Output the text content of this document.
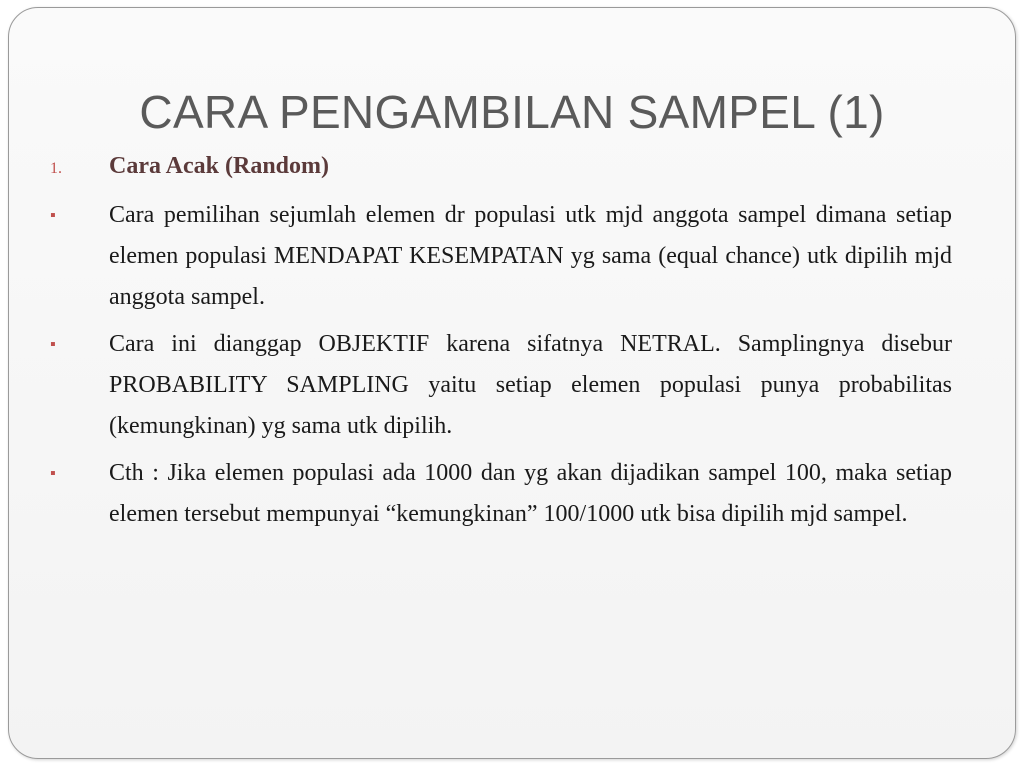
CARA PENGAMBILAN SAMPEL (1)
1.	Cara Acak (Random)
▪	Cara pemilihan sejumlah elemen dr populasi utk mjd anggota sampel dimana setiap elemen populasi MENDAPAT KESEMPATAN yg sama (equal chance) utk dipilih mjd anggota sampel.
▪	Cara ini dianggap OBJEKTIF karena sifatnya NETRAL. Samplingnya disebur PROBABILITY SAMPLING yaitu setiap elemen populasi punya probabilitas (kemungkinan) yg sama utk dipilih.
▪	Cth : Jika elemen populasi ada 1000 dan yg akan dijadikan sampel 100, maka setiap elemen tersebut mempunyai “kemungkinan” 100/1000 utk bisa dipilih mjd sampel.
